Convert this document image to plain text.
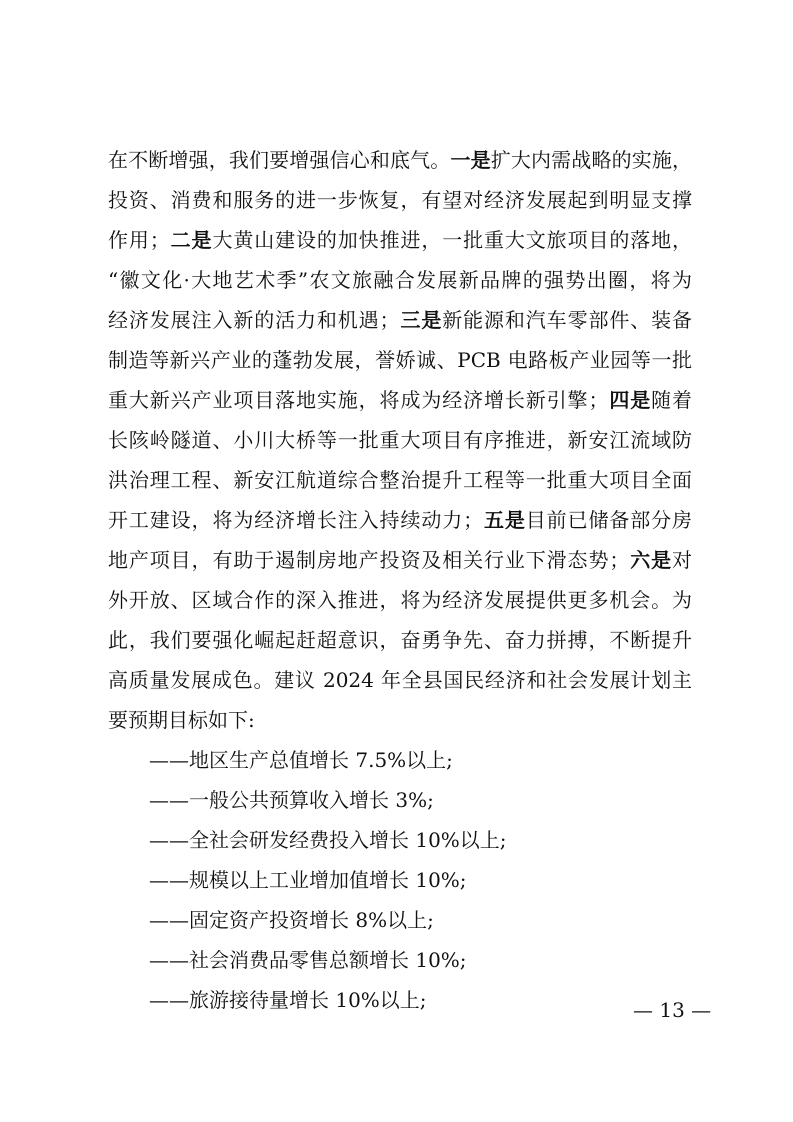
在不断增强，我们要增强信心和底气。一是扩大内需战略的实施，
投资、消费和服务的进一步恢复，有望对经济发展起到明显支撑
作用；二是大黄山建设的加快推进，一批重大文旅项目的落地，
“徽文化·大地艺术季”农文旅融合发展新品牌的强势出圈，将为
经济发展注入新的活力和机遇；三是新能源和汽车零部件、装备
制造等新兴产业的蓬勃发展，誉娇诚、PCB 电路板产业园等一批
重大新兴产业项目落地实施，将成为经济增长新引擎；四是随着
长陔岭隧道、小川大桥等一批重大项目有序推进，新安江流域防
洪治理工程、新安江航道综合整治提升工程等一批重大项目全面
开工建设，将为经济增长注入持续动力；五是目前已储备部分房
地产项目，有助于遏制房地产投资及相关行业下滑态势；六是对
外开放、区域合作的深入推进，将为经济发展提供更多机会。为
此，我们要强化崛起赶超意识，奋勇争先、奋力拼搏，不断提升
高质量发展成色。建议 2024 年全县国民经济和社会发展计划主
要预期目标如下:
——地区生产总值增长 7.5%以上;
——一般公共预算收入增长 3%;
——全社会研发经费投入增长 10%以上;
——规模以上工业增加值增长 10%;
——固定资产投资增长 8%以上;
——社会消费品零售总额增长 10%;
——旅游接待量增长 10%以上;	— 13 —
